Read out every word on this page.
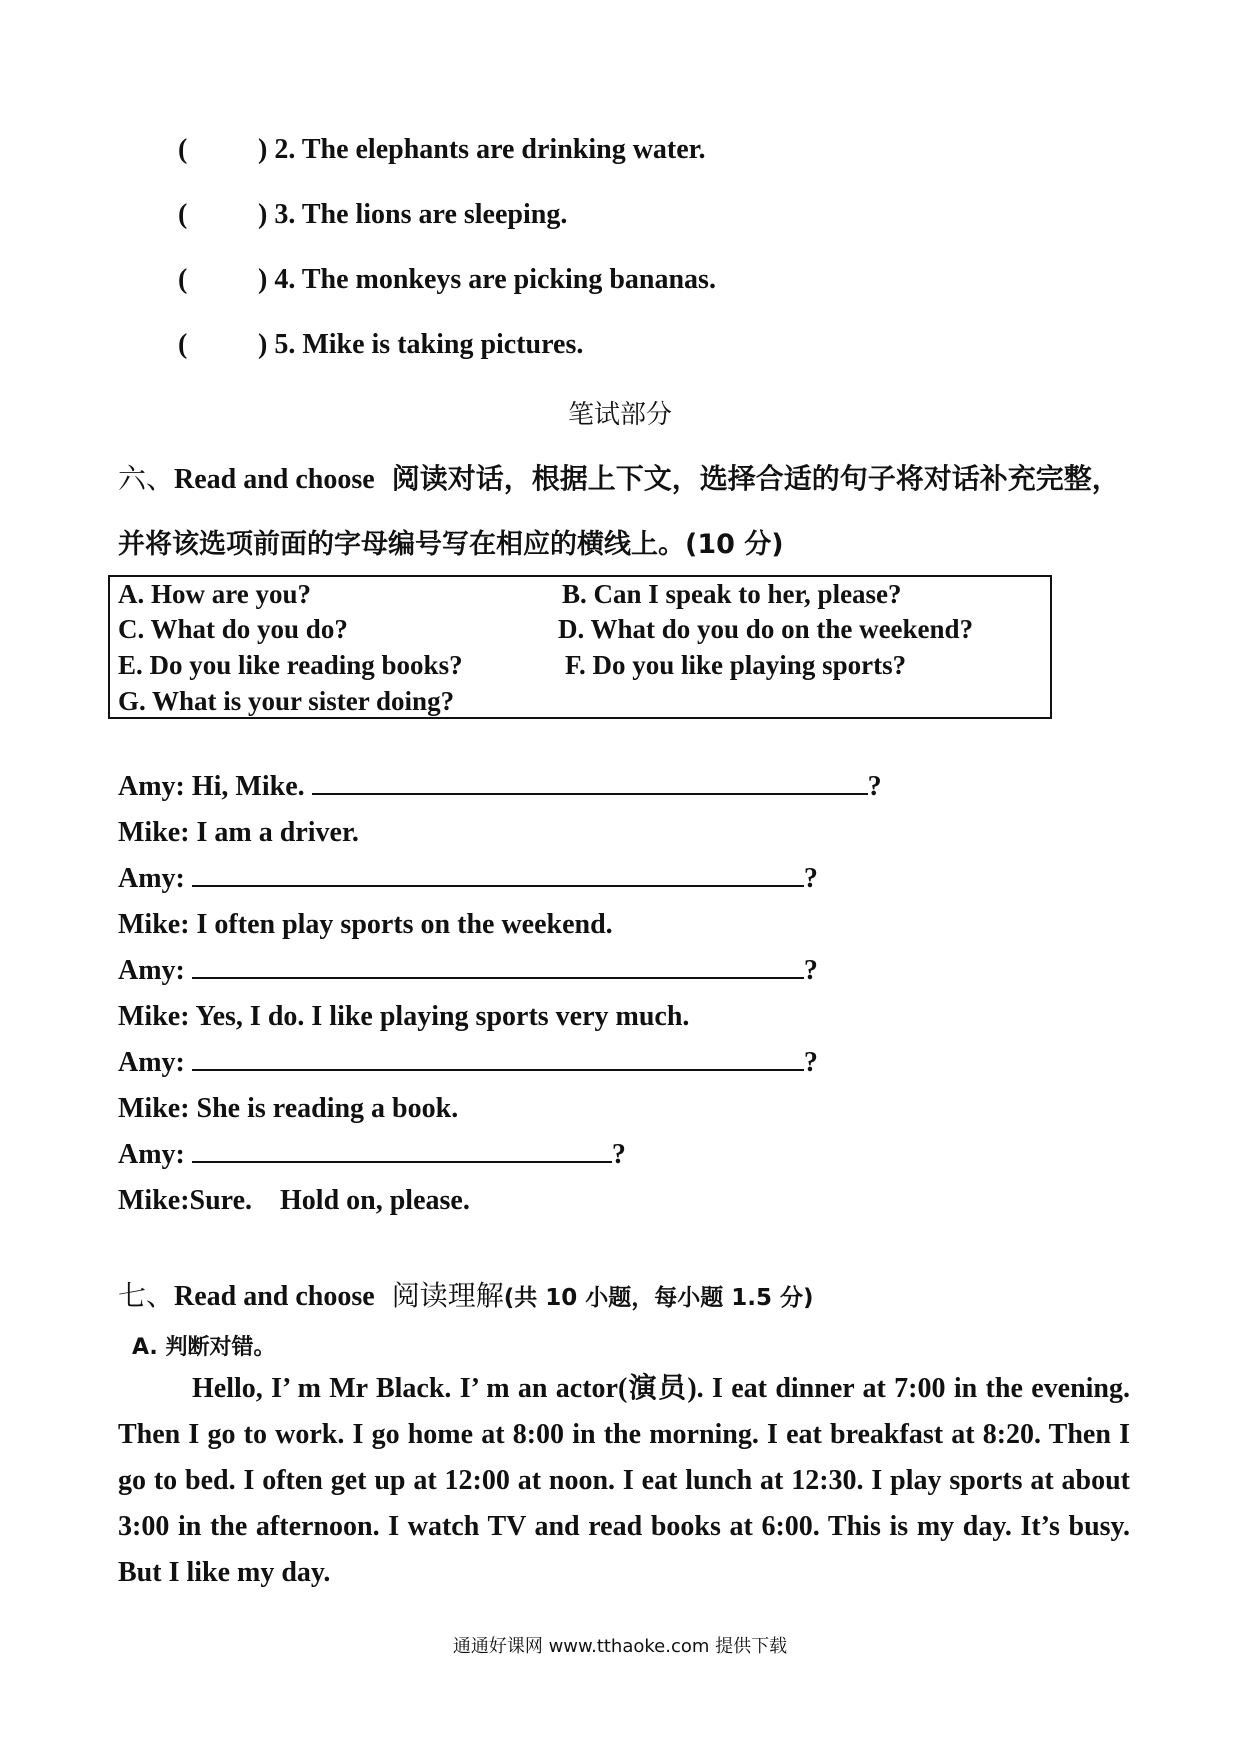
(	) 2. The elephants are drinking water.
(	) 3. The lions are sleeping.
(	) 4. The monkeys are picking bananas.
(	) 5. Mike is taking pictures.
笔试部分
六、Read and choose 阅读对话，根据上下文，选择合适的句子将对话补充完整，
并将该选项前面的字母编号写在相应的横线上。(10 分)
A. How are you?	B. Can I speak to her, please?
C. What do you do?	D. What do you do on the weekend?
E. Do you like reading books?	F. Do you like playing sports?
G. What is your sister doing?
Amy: Hi, Mike.	?
Mike: I am a driver.
Amy:	?
Mike: I often play sports on the weekend.
Amy:	?
Mike: Yes, I do. I like playing sports very much.
Amy:	?
Mike: She is reading a book.
Amy:	?
Mike:Sure.    Hold on, please.
七、Read and choose 阅读理解(共 10 小题，每小题 1.5 分)
A. 判断对错。
Hello, I’ m Mr Black. I’ m an actor(演员). I eat dinner at 7:00 in the evening. Then I go to work. I go home at 8:00 in the morning. I eat breakfast at 8:20. Then I go to bed. I often get up at 12:00 at noon. I eat lunch at 12:30. I play sports at about 3:00 in the afternoon. I watch TV and read books at 6:00. This is my day. It’s busy. But I like my day.
通通好课网 www.tthaoke.com 提供下载
